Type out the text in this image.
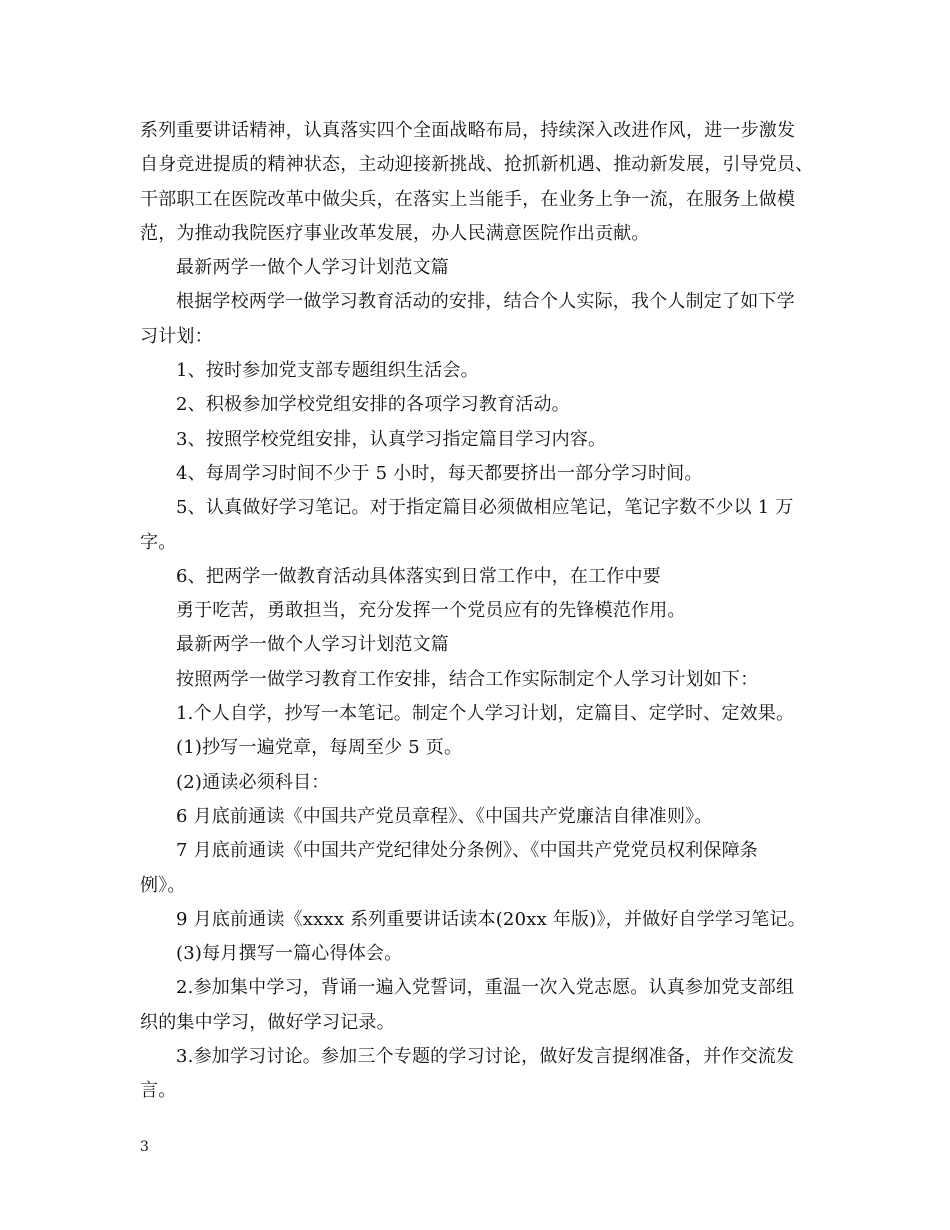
系列重要讲话精神，认真落实四个全面战略布局，持续深入改进作风，进一步激发
自身竞进提质的精神状态，主动迎接新挑战、抢抓新机遇、推动新发展，引导党员、
干部职工在医院改革中做尖兵，在落实上当能手，在业务上争一流，在服务上做模
范，为推动我院医疗事业改革发展，办人民满意医院作出贡献。
最新两学一做个人学习计划范文篇
根据学校两学一做学习教育活动的安排，结合个人实际，我个人制定了如下学
习计划：
1、按时参加党支部专题组织生活会。
2、积极参加学校党组安排的各项学习教育活动。
3、按照学校党组安排，认真学习指定篇目学习内容。
4、每周学习时间不少于 5 小时，每天都要挤出一部分学习时间。
5、认真做好学习笔记。对于指定篇目必须做相应笔记，笔记字数不少以 1 万
字。
6、把两学一做教育活动具体落实到日常工作中，在工作中要
勇于吃苦，勇敢担当，充分发挥一个党员应有的先锋模范作用。
最新两学一做个人学习计划范文篇
按照两学一做学习教育工作安排，结合工作实际制定个人学习计划如下：
1.个人自学，抄写一本笔记。制定个人学习计划，定篇目、定学时、定效果。
(1)抄写一遍党章，每周至少 5 页。
(2)通读必须科目：
6 月底前通读《中国共产党员章程》、《中国共产党廉洁自律准则》。
7 月底前通读《中国共产党纪律处分条例》、《中国共产党党员权利保障条
例》。
9 月底前通读《xxxx 系列重要讲话读本(20xx 年版)》，并做好自学学习笔记。
(3)每月撰写一篇心得体会。
2.参加集中学习，背诵一遍入党誓词，重温一次入党志愿。认真参加党支部组
织的集中学习，做好学习记录。
3.参加学习讨论。参加三个专题的学习讨论，做好发言提纲准备，并作交流发
言。
3
